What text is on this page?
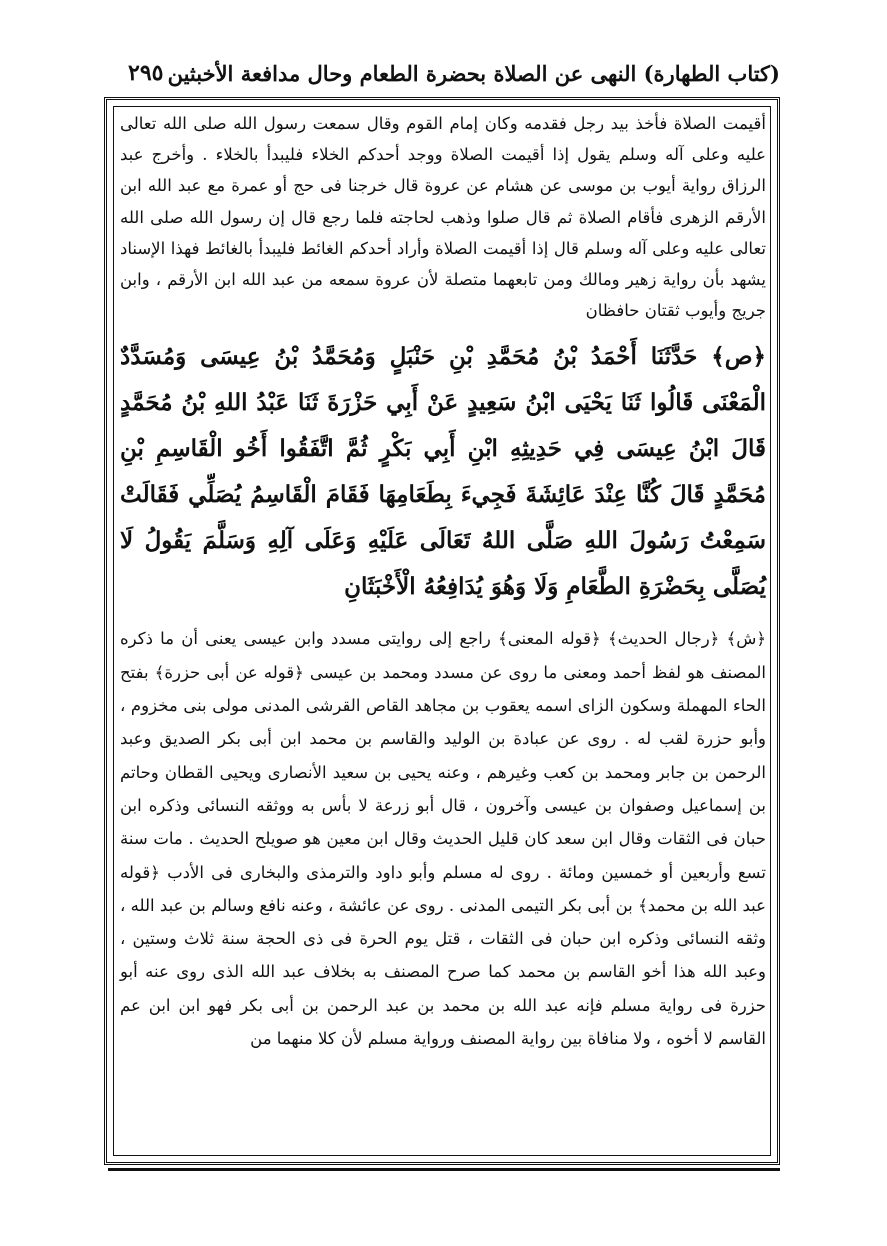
(كتاب الطهارة) النهى عن الصلاة بحضرة الطعام وحال مدافعة الأخبثين
٢٩٥

أقيمت الصلاة فأخذ بيد رجل فقدمه وكان إمام القوم وقال سمعت رسول الله صلى الله تعالى عليه وعلى آله وسلم يقول إذا أقيمت الصلاة ووجد أحدكم الخلاء فليبدأ بالخلاء . وأخرج عبد الرزاق رواية أيوب بن موسى عن هشام عن عروة قال خرجنا فى حج أو عمرة مع عبد الله ابن الأرقم الزهرى فأقام الصلاة ثم قال صلوا وذهب لحاجته فلما رجع قال إن رسول الله صلى الله تعالى عليه وعلى آله وسلم قال إذا أقيمت الصلاة وأراد أحدكم الغائط فليبدأ بالغائط فهذا الإسناد يشهد بأن رواية زهير ومالك ومن تابعهما متصلة لأن عروة سمعه من عبد الله ابن الأرقم ، وابن جريج وأيوب ثقتان حافظان

﴿ص﴾ حَدَّثَنَا أَحْمَدُ بْنُ مُحَمَّدِ بْنِ حَنْبَلٍ وَمُحَمَّدُ بْنُ عِيسَى وَمُسَدَّدٌ الْمَعْنَى قَالُوا ثَنَا يَحْيَى ابْنُ سَعِيدٍ عَنْ أَبِي حَزْرَةَ ثَنَا عَبْدُ اللهِ بْنُ مُحَمَّدٍ قَالَ ابْنُ عِيسَى فِي حَدِيثِهِ ابْنِ أَبِي بَكْرٍ ثُمَّ اتَّفَقُوا أَخُو الْقَاسِمِ بْنِ مُحَمَّدٍ قَالَ كُنَّا عِنْدَ عَائِشَةَ فَجِيءَ بِطَعَامِهَا فَقَامَ الْقَاسِمُ يُصَلِّي فَقَالَتْ سَمِعْتُ رَسُولَ اللهِ صَلَّى اللهُ تَعَالَى عَلَيْهِ وَعَلَى آلِهِ وَسَلَّمَ يَقُولُ لَا يُصَلَّى بِحَضْرَةِ الطَّعَامِ وَلَا وَهُوَ يُدَافِعُهُ الْأَخْبَثَانِ

﴿ش﴾ ﴿رجال الحديث﴾ ﴿قوله المعنى﴾ راجع إلى روايتى مسدد وابن عيسى يعنى أن ما ذكره المصنف هو لفظ أحمد ومعنى ما روى عن مسدد ومحمد بن عيسى ﴿قوله عن أبى حزرة﴾ بفتح الحاء المهملة وسكون الزاى اسمه يعقوب بن مجاهد القاص القرشى المدنى مولى بنى مخزوم ، وأبو حزرة لقب له . روى عن عبادة بن الوليد والقاسم بن محمد ابن أبى بكر الصديق وعبد الرحمن بن جابر ومحمد بن كعب وغيرهم ، وعنه يحيى بن سعيد الأنصارى ويحيى القطان وحاتم بن إسماعيل وصفوان بن عيسى وآخرون ، قال أبو زرعة لا بأس به ووثقه النسائى وذكره ابن حبان فى الثقات وقال ابن سعد كان قليل الحديث وقال ابن معين هو صويلح الحديث . مات سنة تسع وأربعين أو خمسين ومائة . روى له مسلم وأبو داود والترمذى والبخارى فى الأدب ﴿قوله عبد الله بن محمد﴾ بن أبى بكر التيمى المدنى . روى عن عائشة ، وعنه نافع وسالم بن عبد الله ، وثقه النسائى وذكره ابن حبان فى الثقات ، قتل يوم الحرة فى ذى الحجة سنة ثلاث وستين ، وعبد الله هذا أخو القاسم بن محمد كما صرح المصنف به بخلاف عبد الله الذى روى عنه أبو حزرة فى رواية مسلم فإنه عبد الله بن محمد بن عبد الرحمن بن أبى بكر فهو ابن ابن عم القاسم لا أخوه ، ولا منافاة بين رواية المصنف ورواية مسلم لأن كلا منهما من
